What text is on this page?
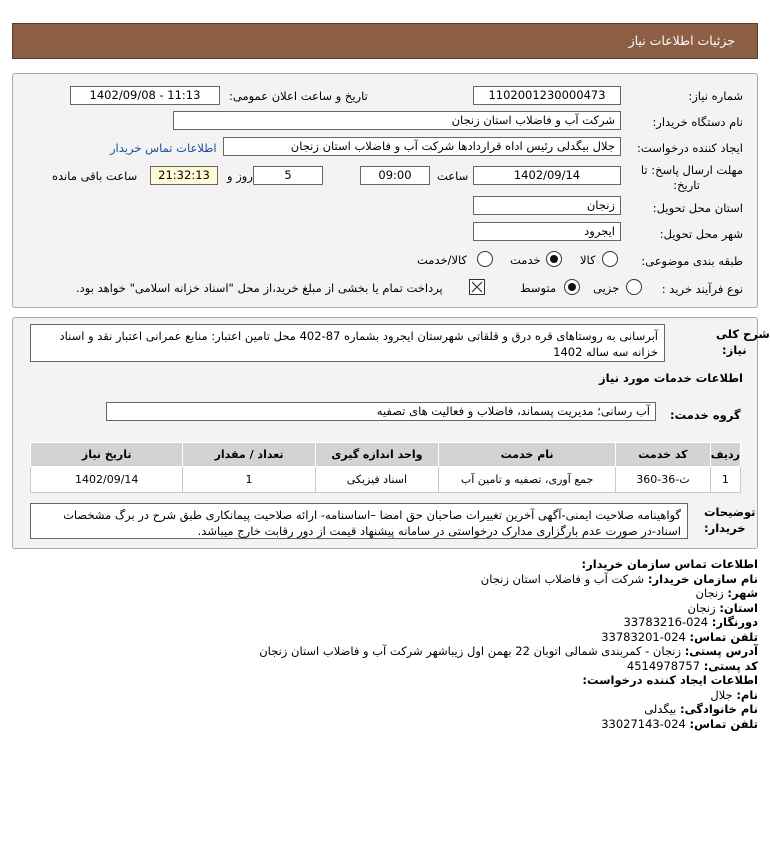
جزئیات اطلاعات نیاز
شماره نیاز:
1102001230000473
تاریخ و ساعت اعلان عمومی:
1402/09/08 - 11:13
نام دستگاه خریدار:
شرکت آب و فاضلاب استان زنجان
ایجاد کننده درخواست:
جلال بیگدلی رئیس اداه قراردادها شرکت آب و فاضلاب استان زنجان
اطلاعات تماس خریدار
مهلت ارسال پاسخ: تا
تاریخ:
1402/09/14
ساعت
09:00
5
روز و
21:32:13
ساعت باقی مانده
استان محل تحویل:
زنجان
شهر محل تحویل:
ایجرود
طبقه بندی موضوعی:
کالا
خدمت
کالا/خدمت
نوع فرآیند خرید :
جزیی
متوسط
پرداخت تمام یا بخشی از مبلغ خرید،از محل "اسناد خزانه اسلامی" خواهد بود.
شرح کلی
نیاز:
آبرسانی به روستاهای قره درق و قلقاتی شهرستان ایجرود بشماره 87-402 محل تامین اعتبار: منابع عمرانی اعتبار نقد و اسناد خزانه سه ساله 1402
اطلاعات خدمات مورد نیاز
گروه خدمت:
آب رسانی؛ مدیریت پسماند، فاضلاب و فعالیت های تصفیه
ردیف	کد خدمت	نام خدمت	واحد اندازه گیری	تعداد / مقدار	تاریخ نیاز
1	ث-36-360	جمع آوری، تصفیه و تامین آب	اسناد فیزیکی	1	1402/09/14
توضیحات
خریدار:
گواهینامه صلاحیت ایمنی-آگهی آخرین تغییرات صاحبان حق امضا –اساسنامه- ارائه صلاحیت پیمانکاری طبق شرح در برگ مشخصات اسناد-در صورت عدم بارگزاری مدارک درخواستی در سامانه پیشنهاد قیمت از دور رقابت خارج میباشد.
اطلاعات تماس سازمان خریدار:
نام سازمان خریدار: شرکت آب و فاضلاب استان زنجان
شهر: زنجان
استان: زنجان
دورنگار: 024-33783216
تلفن تماس: 024-33783201
آدرس پستی: زنجان - کمربندی شمالی اتوبان 22 بهمن اول زیباشهر شرکت آب و فاضلاب استان زنجان
کد پستی: 4514978757
اطلاعات ایجاد کننده درخواست:
نام: جلال
نام خانوادگی: بیگدلی
تلفن تماس: 024-33027143
